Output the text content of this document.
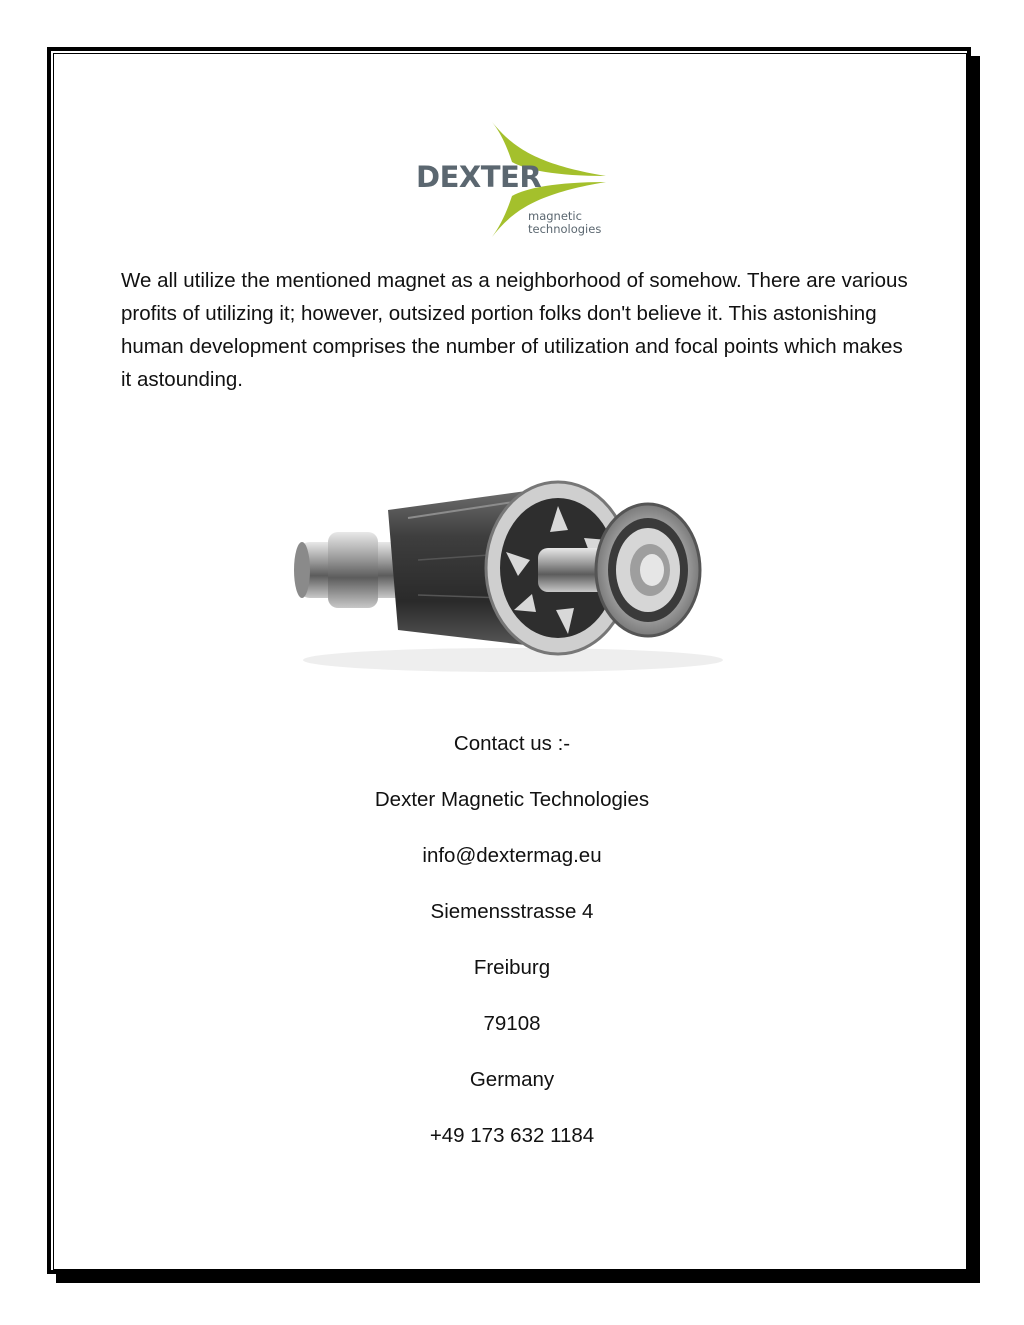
DEXTER
magnetic
technologies

We all utilize the mentioned magnet as a neighborhood of somehow. There are various profits of utilizing it; however, outsized portion folks don't believe it. This astonishing human development comprises the number of utilization and focal points which makes it astounding.

Contact us :-
Dexter Magnetic Technologies
info@dextermag.eu
Siemensstrasse 4
Freiburg
79108
Germany
+49 173 632 1184
